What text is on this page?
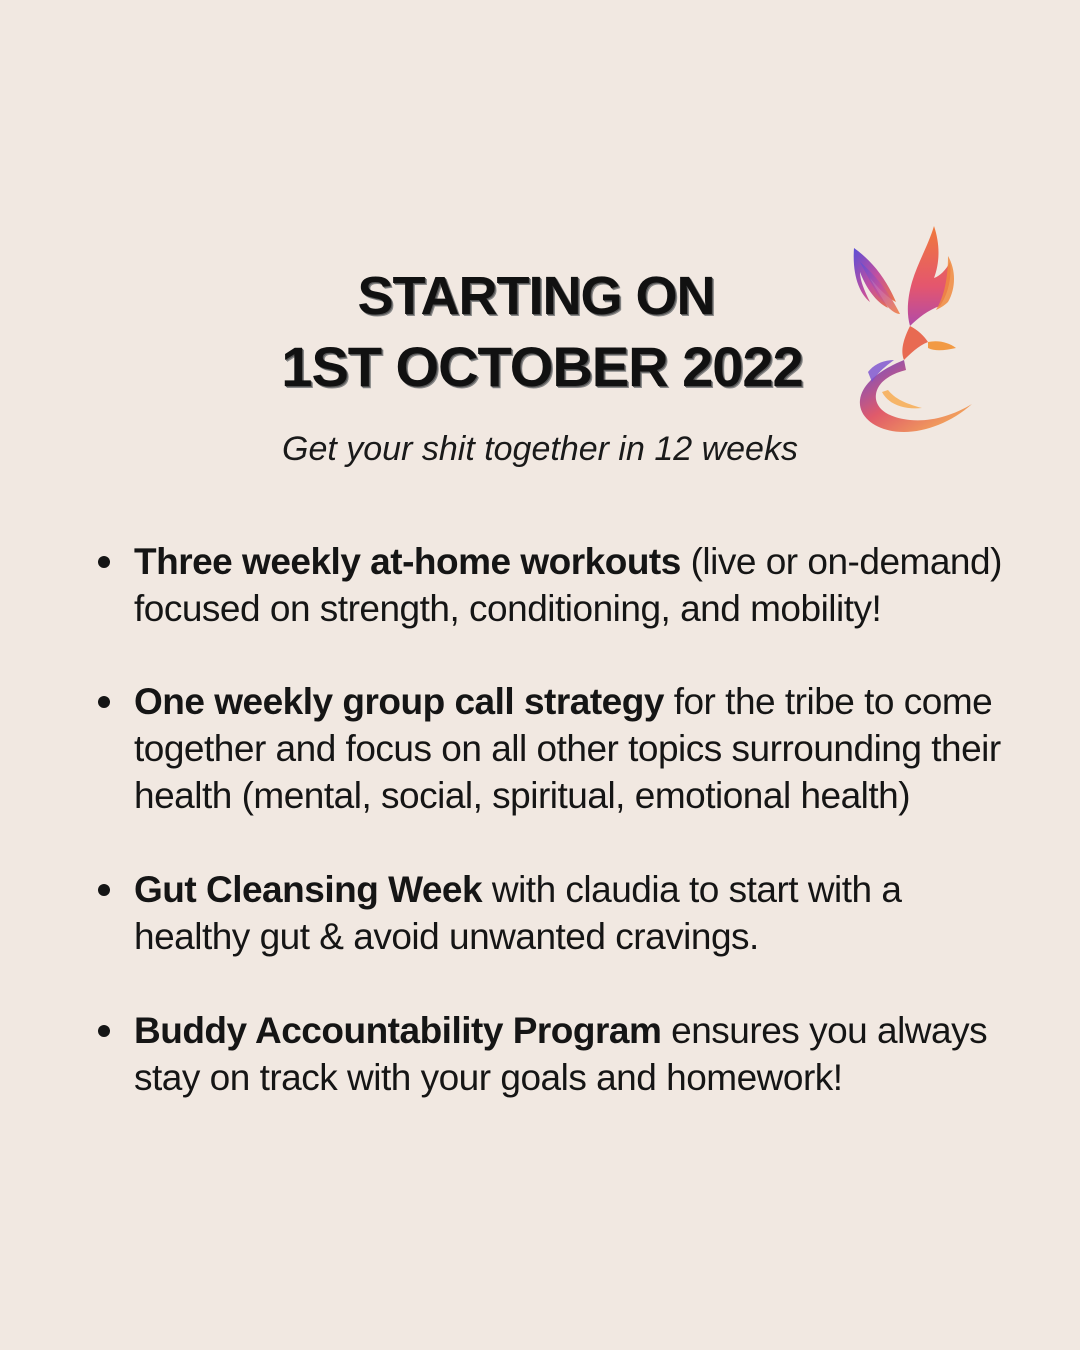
STARTING ON
1ST OCTOBER 2022
Get your shit together in 12 weeks
Three weekly at-home workouts (live or on-demand) focused on strength, conditioning, and mobility!
One weekly group call strategy for the tribe to come together and focus on all other topics surrounding their health (mental, social, spiritual, emotional health)
Gut Cleansing Week with claudia to start with a healthy gut & avoid unwanted cravings.
Buddy Accountability Program ensures you always stay on track with your goals and homework!
